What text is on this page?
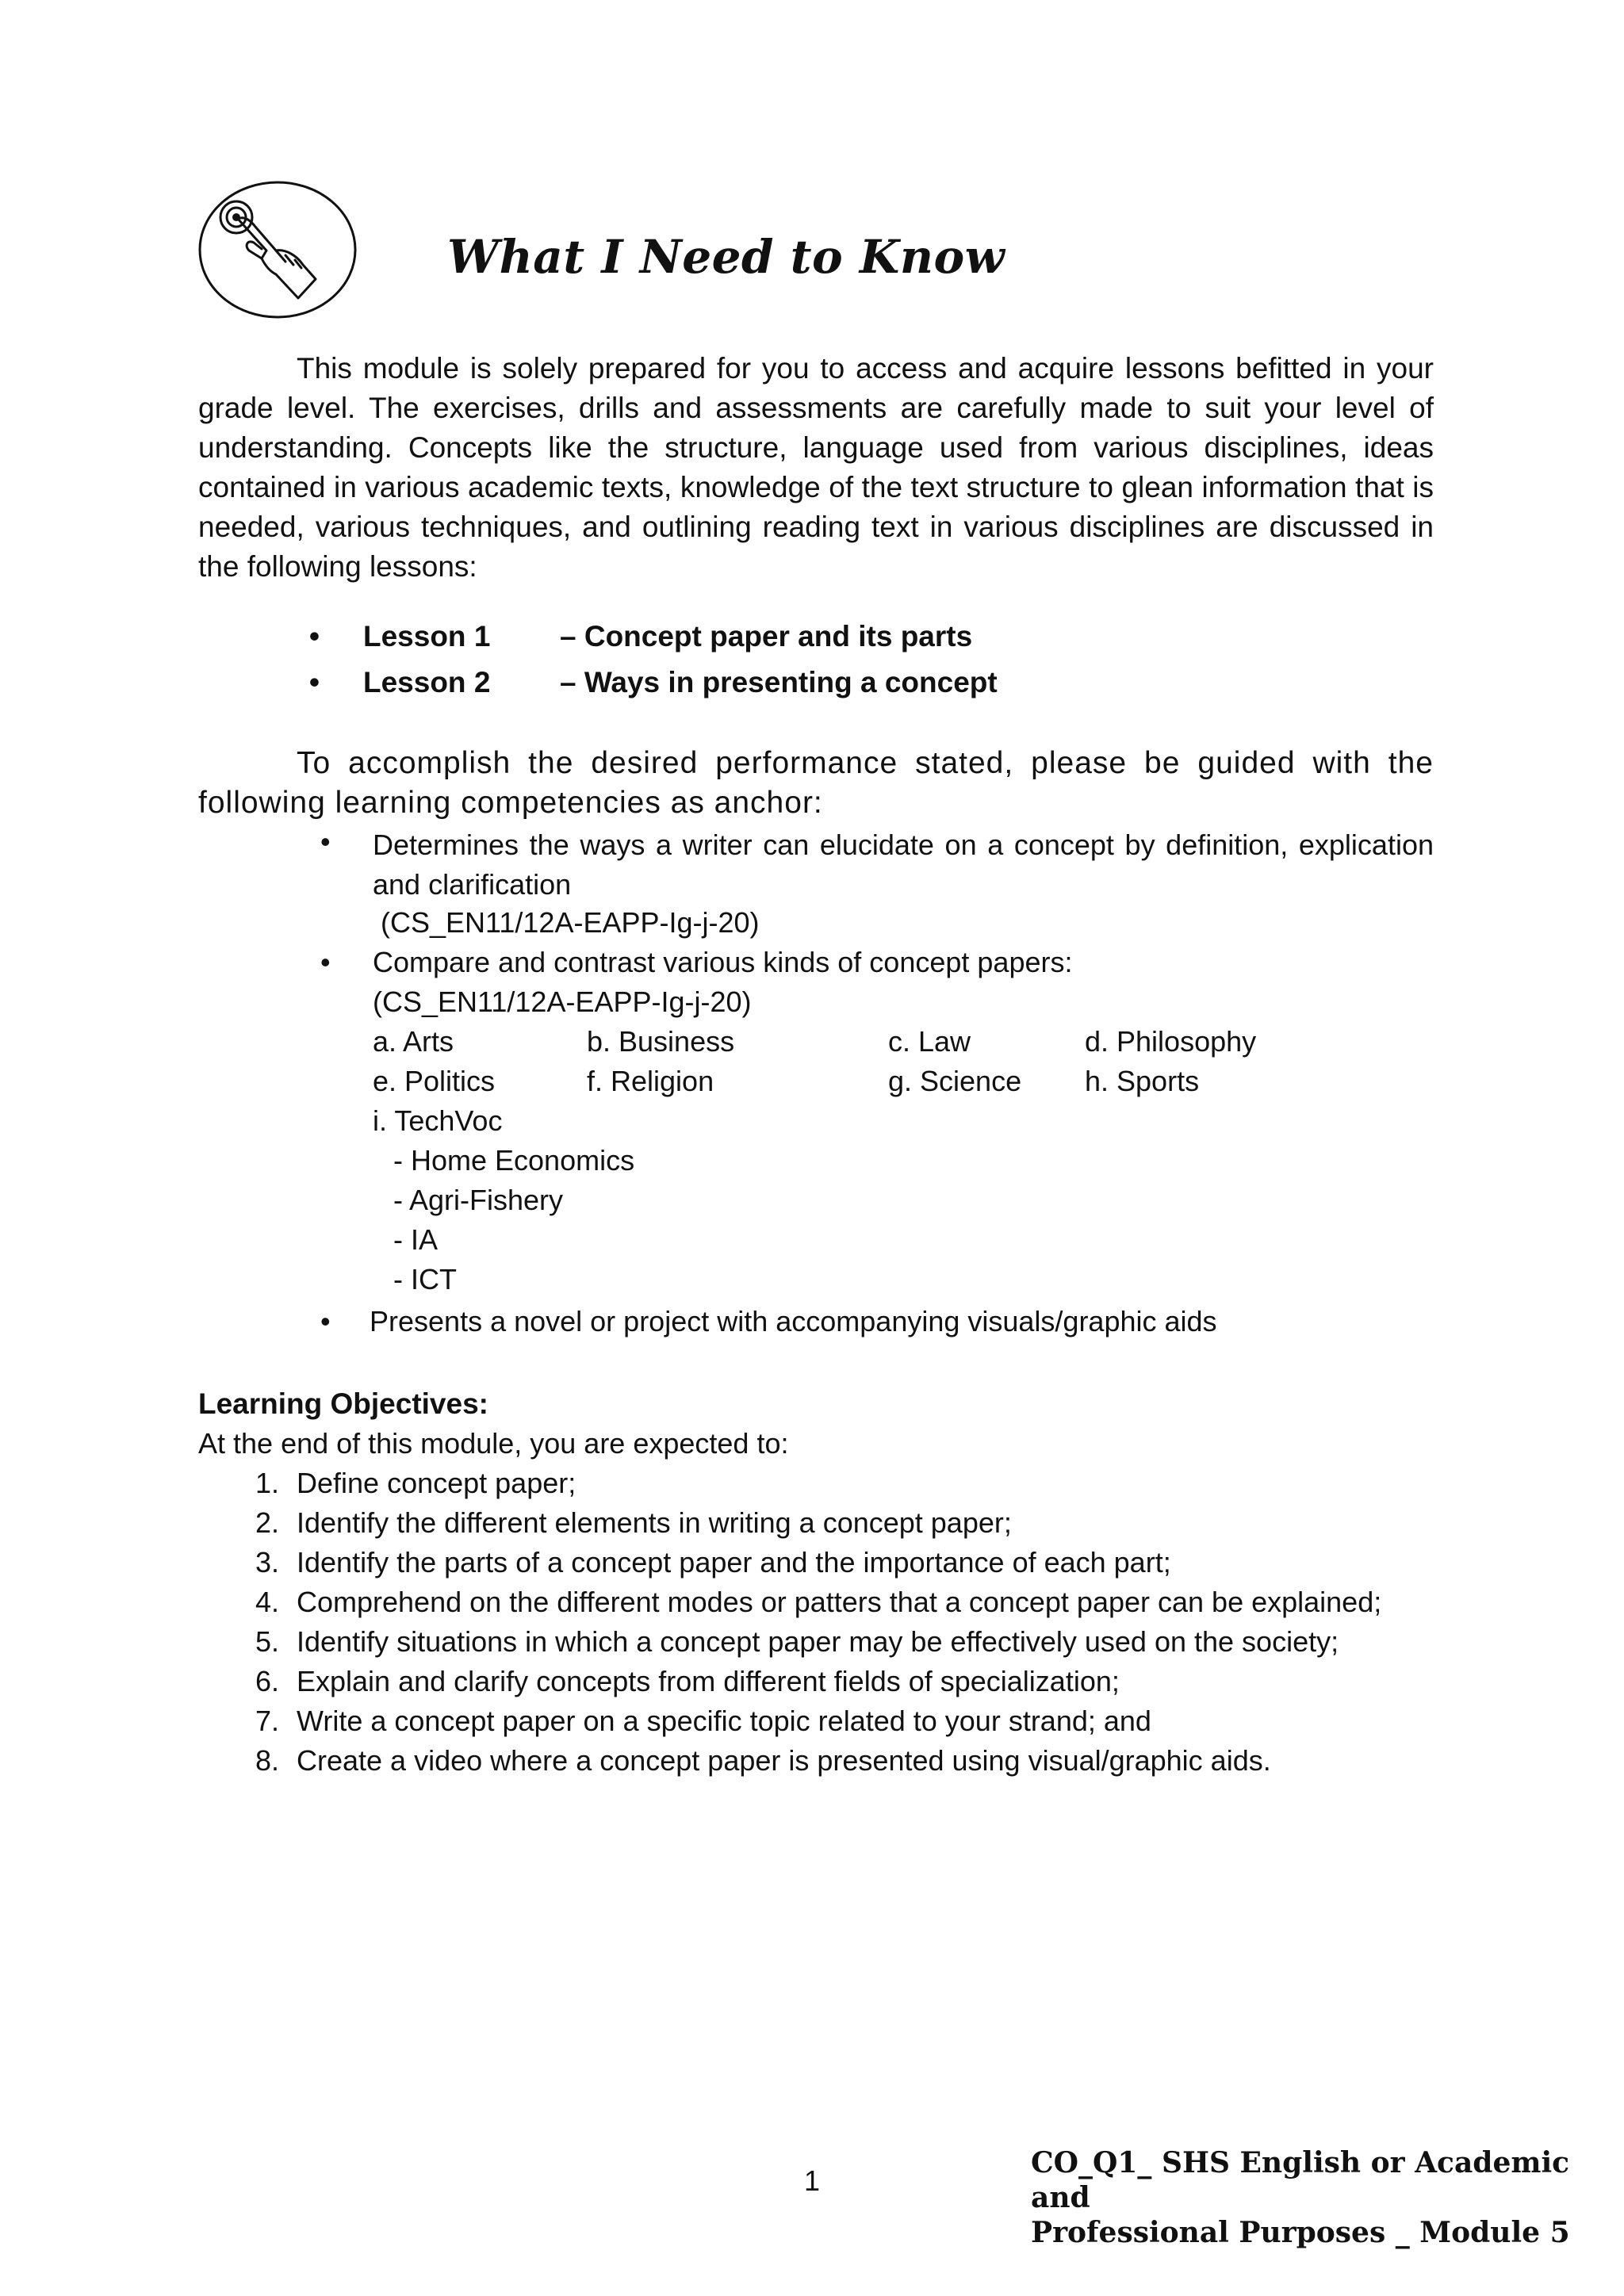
What I Need to Know
This module is solely prepared for you to access and acquire lessons befitted in your grade level. The exercises, drills and assessments are carefully made to suit your level of understanding. Concepts like the structure, language used from various disciplines, ideas contained in various academic texts, knowledge of the text structure to glean information that is needed, various techniques, and outlining reading text in various disciplines are discussed in the following lessons:
• Lesson 1 – Concept paper and its parts
• Lesson 2 – Ways in presenting a concept
To accomplish the desired performance stated, please be guided with the following learning competencies as anchor:
• Determines the ways a writer can elucidate on a concept by definition, explication and clarification
(CS_EN11/12A-EAPP-Ig-j-20)
• Compare and contrast various kinds of concept papers:
(CS_EN11/12A-EAPP-Ig-j-20)
a. Arts	b. Business	c. Law	d. Philosophy
e. Politics	f. Religion	g. Science h. Sports
i. TechVoc
- Home Economics
- Agri-Fishery
- IA
- ICT
• Presents a novel or project with accompanying visuals/graphic aids
Learning Objectives:
At the end of this module, you are expected to:
1. Define concept paper;
2. Identify the different elements in writing a concept paper;
3. Identify the parts of a concept paper and the importance of each part;
4. Comprehend on the different modes or patters that a concept paper can be explained;
5. Identify situations in which a concept paper may be effectively used on the society;
6. Explain and clarify concepts from different fields of specialization;
7. Write a concept paper on a specific topic related to your strand; and
8. Create a video where a concept paper is presented using visual/graphic aids.
1
CO_Q1_ SHS English or Academic and
Professional Purposes _ Module 5
